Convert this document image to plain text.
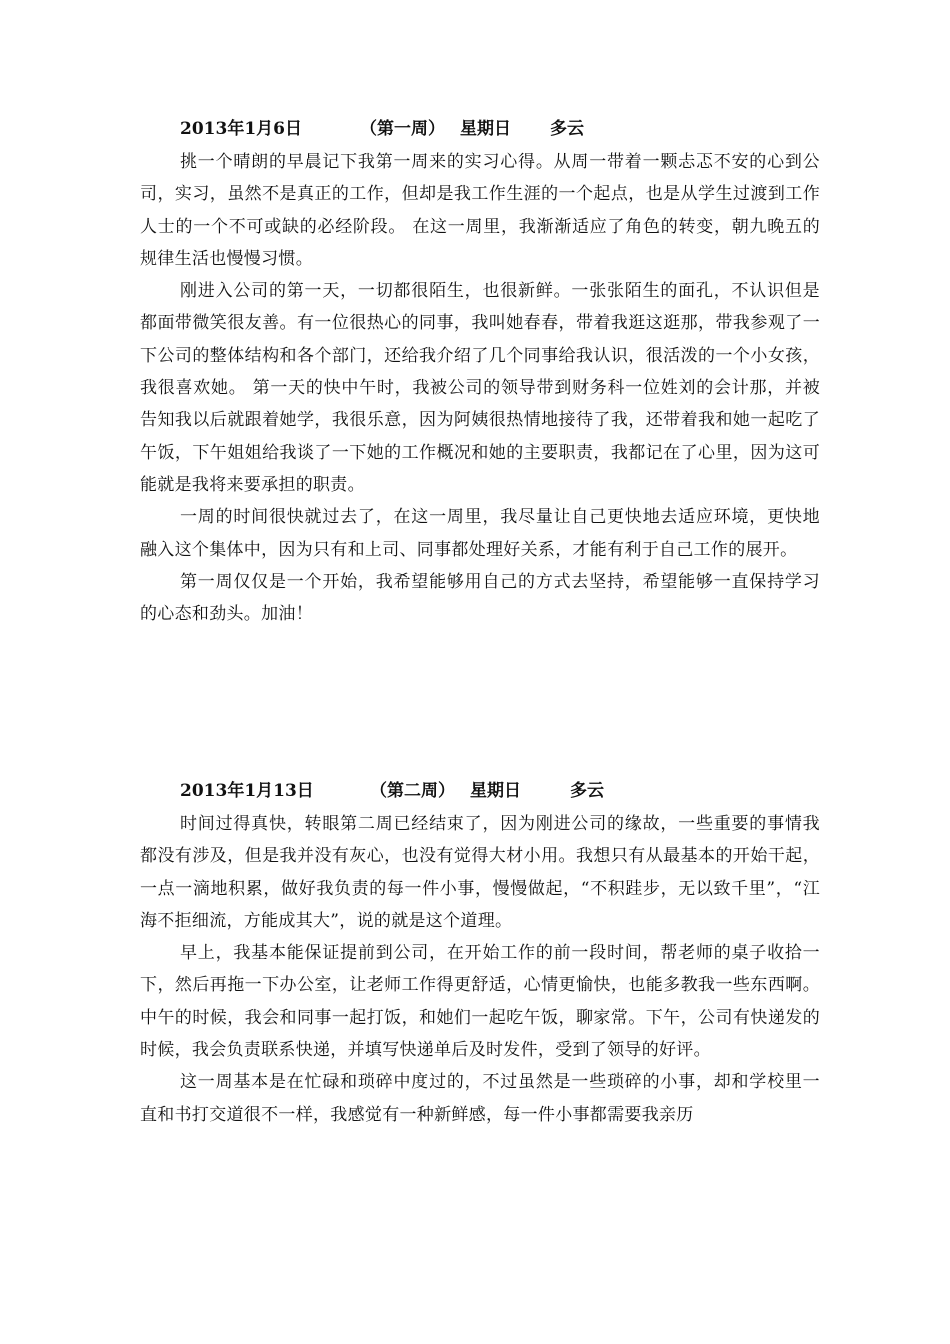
2013年1月6日	（第一周） 星期日	多云

挑一个晴朗的早晨记下我第一周来的实习心得。从周一带着一颗忐忑不安的心到公司，实习，虽然不是真正的工作，但却是我工作生涯的一个起点，也是从学生过渡到工作人士的一个不可或缺的必经阶段。 在这一周里，我渐渐适应了角色的转变，朝九晚五的规律生活也慢慢习惯。

刚进入公司的第一天，一切都很陌生，也很新鲜。一张张陌生的面孔，不认识但是都面带微笑很友善。有一位很热心的同事，我叫她春春，带着我逛这逛那，带我参观了一下公司的整体结构和各个部门，还给我介绍了几个同事给我认识，很活泼的一个小女孩，我很喜欢她。 第一天的快中午时，我被公司的领导带到财务科一位姓刘的会计那，并被告知我以后就跟着她学，我很乐意，因为阿姨很热情地接待了我，还带着我和她一起吃了午饭，下午姐姐给我谈了一下她的工作概况和她的主要职责，我都记在了心里，因为这可能就是我将来要承担的职责。

一周的时间很快就过去了，在这一周里，我尽量让自己更快地去适应环境，更快地融入这个集体中，因为只有和上司、同事都处理好关系，才能有利于自己工作的展开。

第一周仅仅是一个开始，我希望能够用自己的方式去坚持，希望能够一直保持学习的心态和劲头。加油！

2013年1月13日	（第二周） 星期日	多云

时间过得真快，转眼第二周已经结束了，因为刚进公司的缘故，一些重要的事情我都没有涉及，但是我并没有灰心，也没有觉得大材小用。我想只有从最基本的开始干起，一点一滴地积累，做好我负责的每一件小事，慢慢做起，“不积跬步，无以致千里”，“江海不拒细流，方能成其大”，说的就是这个道理。

早上，我基本能保证提前到公司，在开始工作的前一段时间，帮老师的桌子收拾一下，然后再拖一下办公室，让老师工作得更舒适，心情更愉快，也能多教我一些东西啊。中午的时候，我会和同事一起打饭，和她们一起吃午饭，聊家常。下午，公司有快递发的时候，我会负责联系快递，并填写快递单后及时发件，受到了领导的好评。

这一周基本是在忙碌和琐碎中度过的，不过虽然是一些琐碎的小事，却和学校里一直和书打交道很不一样，我感觉有一种新鲜感，每一件小事都需要我亲历
